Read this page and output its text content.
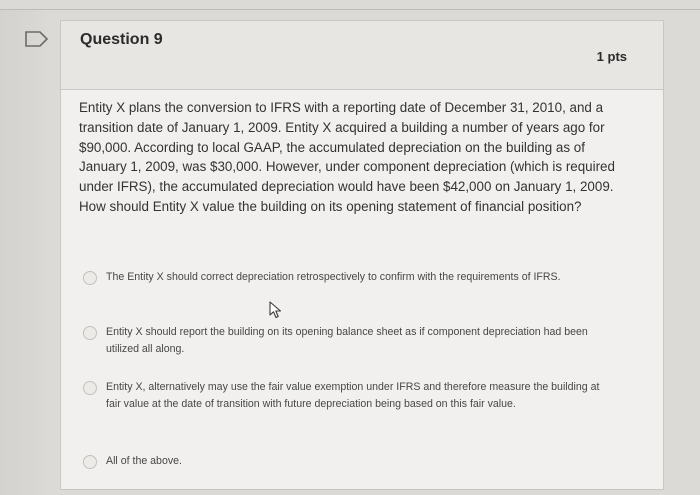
Question 9
1 pts
Entity X plans the conversion to IFRS with a reporting date of December 31, 2010, and a transition date of January 1, 2009. Entity X acquired a building a number of years ago for $90,000. According to local GAAP, the accumulated depreciation on the building as of January 1, 2009, was $30,000. However, under component depreciation (which is required under IFRS), the accumulated depreciation would have been $42,000 on January 1, 2009. How should Entity X value the building on its opening statement of financial position?
The Entity X should correct depreciation retrospectively to confirm with the requirements of IFRS.
Entity X should report the building on its opening balance sheet as if component depreciation had been utilized all along.
Entity X, alternatively may use the fair value exemption under IFRS and therefore measure the building at fair value at the date of transition with future depreciation being based on this fair value.
All of the above.
